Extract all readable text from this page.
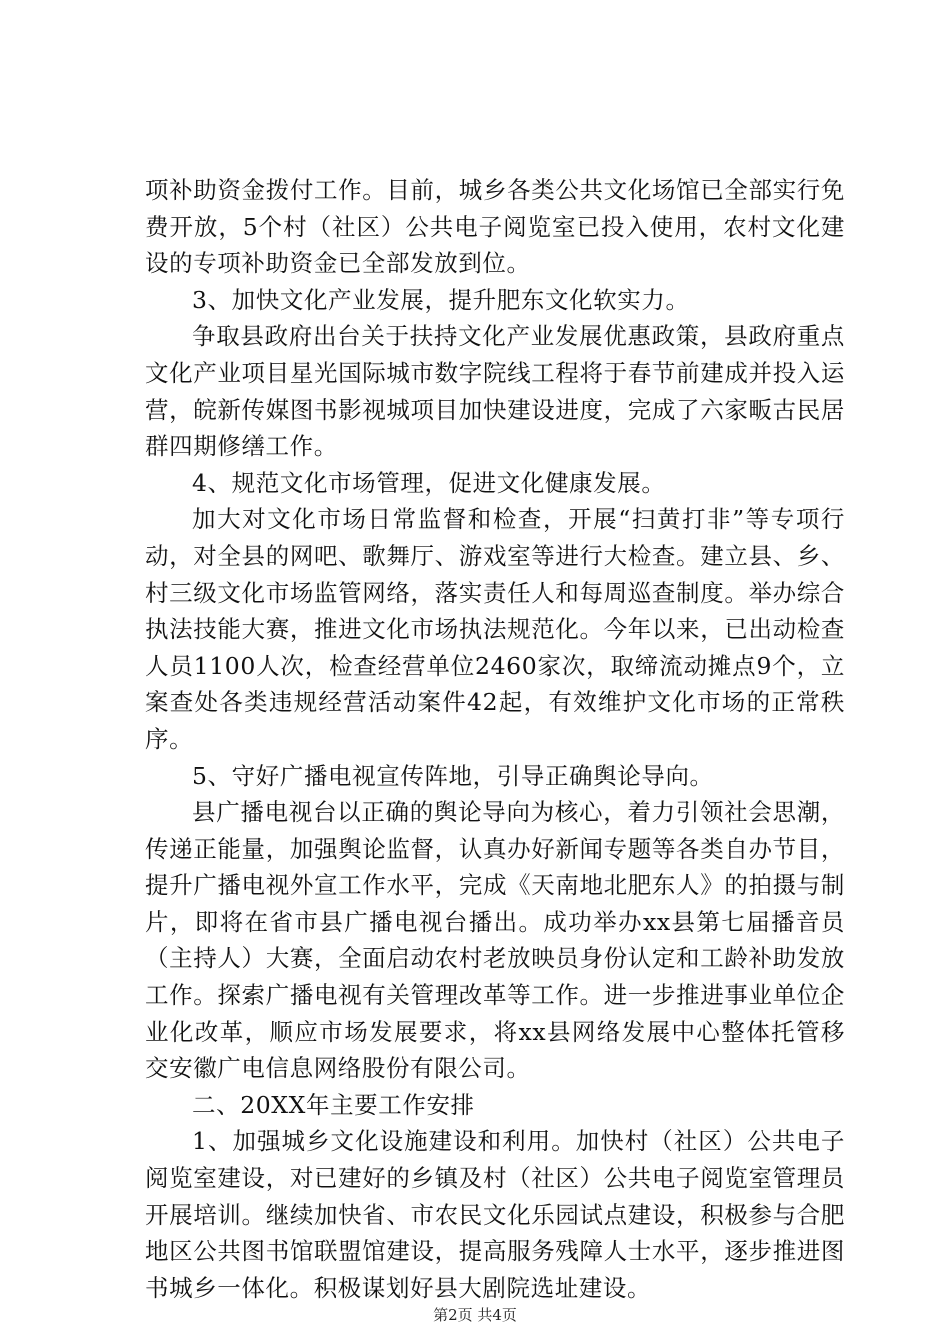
项补助资金拨付工作。目前，城乡各类公共文化场馆已全部实行免费开放，5个村（社区）公共电子阅览室已投入使用，农村文化建设的专项补助资金已全部发放到位。

3、加快文化产业发展，提升肥东文化软实力。

争取县政府出台关于扶持文化产业发展优惠政策，县政府重点文化产业项目星光国际城市数字院线工程将于春节前建成并投入运营，皖新传媒图书影视城项目加快建设进度，完成了六家畈古民居群四期修缮工作。

4、规范文化市场管理，促进文化健康发展。

加大对文化市场日常监督和检查，开展“扫黄打非”等专项行动，对全县的网吧、歌舞厅、游戏室等进行大检查。建立县、乡、村三级文化市场监管网络，落实责任人和每周巡查制度。举办综合执法技能大赛，推进文化市场执法规范化。今年以来，已出动检查人员1100人次，检查经营单位2460家次，取缔流动摊点9个，立案查处各类违规经营活动案件42起，有效维护文化市场的正常秩序。

5、守好广播电视宣传阵地，引导正确舆论导向。

县广播电视台以正确的舆论导向为核心，着力引领社会思潮，传递正能量，加强舆论监督，认真办好新闻专题等各类自办节目，提升广播电视外宣工作水平，完成《天南地北肥东人》的拍摄与制片，即将在省市县广播电视台播出。成功举办xx县第七届播音员（主持人）大赛，全面启动农村老放映员身份认定和工龄补助发放工作。探索广播电视有关管理改革等工作。进一步推进事业单位企业化改革，顺应市场发展要求，将xx县网络发展中心整体托管移交安徽广电信息网络股份有限公司。

二、20XX年主要工作安排

1、加强城乡文化设施建设和利用。加快村（社区）公共电子阅览室建设，对已建好的乡镇及村（社区）公共电子阅览室管理员开展培训。继续加快省、市农民文化乐园试点建设，积极参与合肥地区公共图书馆联盟馆建设，提高服务残障人士水平，逐步推进图书城乡一体化。积极谋划好县大剧院选址建设。

第2页 共4页
